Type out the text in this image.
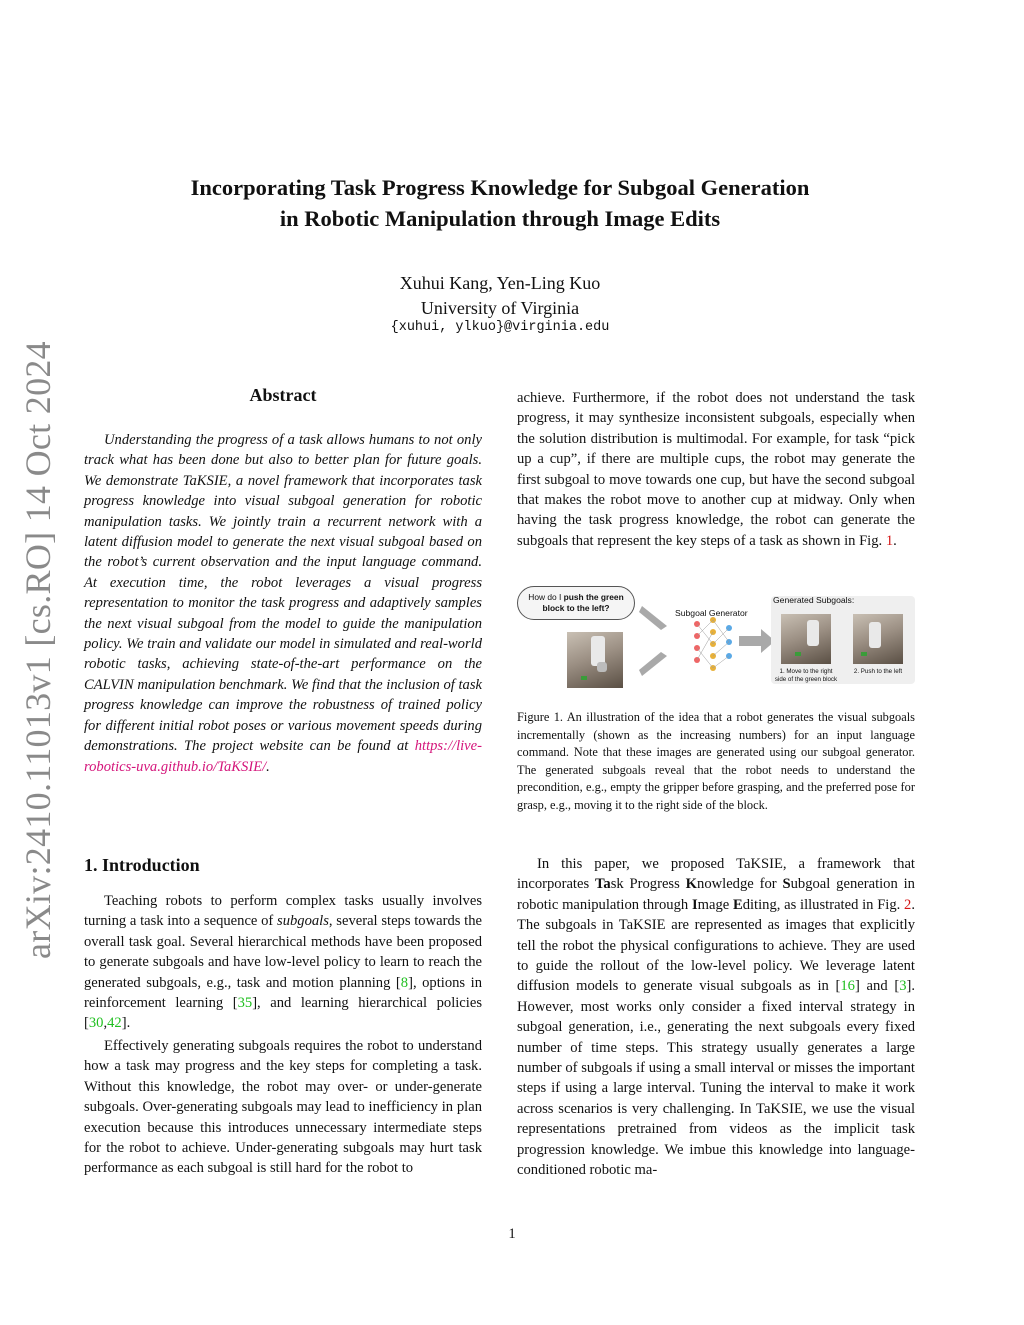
arXiv:2410.11013v1 [cs.RO] 14 Oct 2024
Incorporating Task Progress Knowledge for Subgoal Generation
in Robotic Manipulation through Image Edits
Xuhui Kang, Yen-Ling Kuo
University of Virginia
{xuhui, ylkuo}@virginia.edu
Abstract

Understanding the progress of a task allows humans to not only track what has been done but also to better plan for future goals. We demonstrate TaKSIE, a novel framework that incorporates task progress knowledge into visual subgoal generation for robotic manipulation tasks. We jointly train a recurrent network with a latent diffusion model to generate the next visual subgoal based on the robot’s current observation and the input language command. At execution time, the robot leverages a visual progress representation to monitor the task progress and adaptively samples the next visual subgoal from the model to guide the manipulation policy. We train and validate our model in simulated and real-world robotic tasks, achieving state-of-the-art performance on the CALVIN manipulation benchmark. We find that the inclusion of task progress knowledge can improve the robustness of trained policy for different initial robot poses or various movement speeds during demonstrations. The project website can be found at https://live-robotics-uva.github.io/TaKSIE/.

1. Introduction

Teaching robots to perform complex tasks usually involves turning a task into a sequence of subgoals, several steps towards the overall task goal. Several hierarchical methods have been proposed to generate subgoals and have low-level policy to learn to reach the generated subgoals, e.g., task and motion planning [8], options in reinforcement learning [35], and learning hierarchical policies [30,42].

Effectively generating subgoals requires the robot to understand how a task may progress and the key steps for completing a task. Without this knowledge, the robot may over- or under-generate subgoals. Over-generating subgoals may lead to inefficiency in plan execution because this introduces unnecessary intermediate steps for the robot to achieve. Under-generating subgoals may hurt task performance as each subgoal is still hard for the robot to

achieve. Furthermore, if the robot does not understand the task progress, it may synthesize inconsistent subgoals, especially when the solution distribution is multimodal. For example, for task “pick up a cup”, if there are multiple cups, the robot may generate the first subgoal to move towards one cup, but have the second subgoal that makes the robot move to another cup at midway. Only when having the task progress knowledge, the robot can generate the subgoals that represent the key steps of a task as shown in Fig. 1.

How do I push the green block to the left?	Subgoal Generator
1. Move to the right side of the green block
2. Push to the left
Generated Subgoals:

Figure 1. An illustration of the idea that a robot generates the visual subgoals incrementally (shown as the increasing numbers) for an input language command. Note that these images are generated using our subgoal generator. The generated subgoals reveal that the robot needs to understand the precondition, e.g., empty the gripper before grasping, and the preferred pose for grasp, e.g., moving it to the right side of the block.

In this paper, we proposed TaKSIE, a framework that incorporates Task Progress Knowledge for Subgoal generation in robotic manipulation through Image Editing, as illustrated in Fig. 2. The subgoals in TaKSIE are represented as images that explicitly tell the robot the physical configurations to achieve. They are used to guide the rollout of the low-level policy. We leverage latent diffusion models to generate visual subgoals as in [16] and [3]. However, most works only consider a fixed interval strategy in subgoal generation, i.e., generating the next subgoals every fixed number of time steps. This strategy usually generates a large number of subgoals if using a small interval or misses the important steps if using a large interval. Tuning the interval to make it work across scenarios is very challenging. In TaKSIE, we use the visual representations pretrained from videos as the implicit task progression knowledge. We imbue this knowledge into language-conditioned robotic ma-

1
